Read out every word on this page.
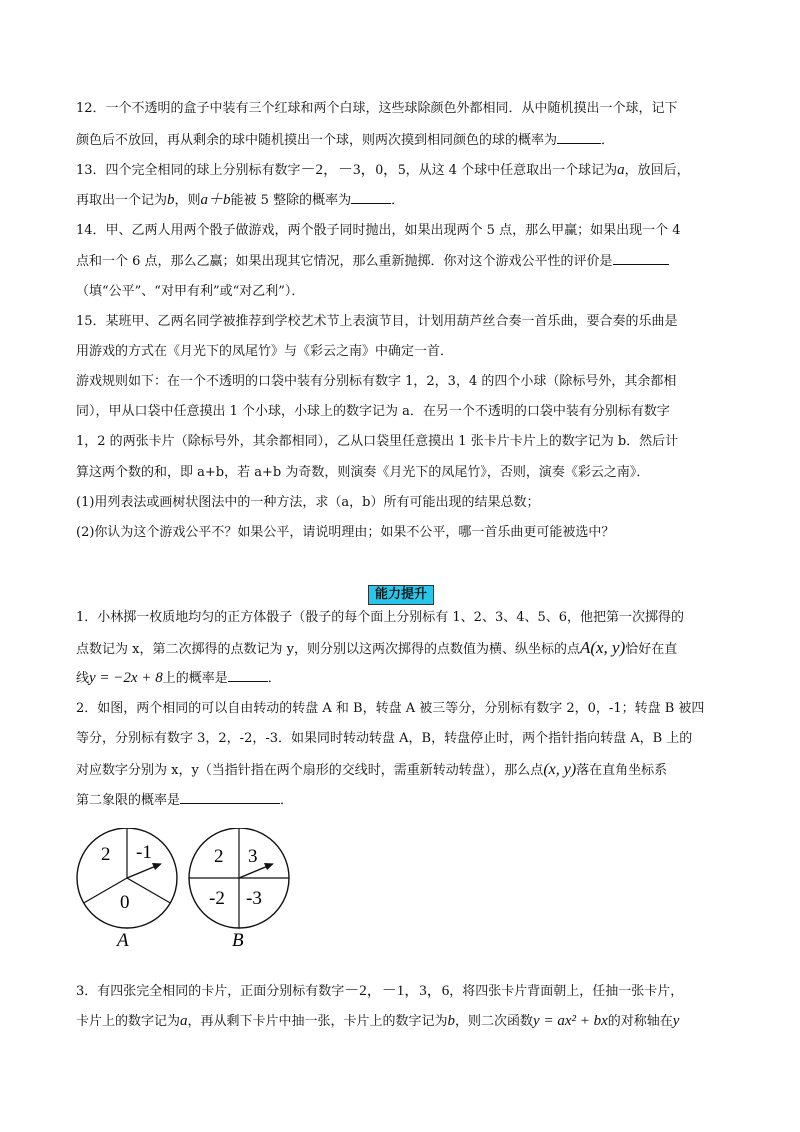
12．一个不透明的盒子中装有三个红球和两个白球，这些球除颜色外都相同．从中随机摸出一个球，记下
颜色后不放回，再从剩余的球中随机摸出一个球，则两次摸到相同颜色的球的概率为	．
13．四个完全相同的球上分别标有数字－2，－3，0，5，从这 4 个球中任意取出一个球记为a，放回后，
再取出一个记为b，则a＋b能被 5 整除的概率为	．
14．甲、乙两人用两个骰子做游戏，两个骰子同时抛出，如果出现两个 5 点，那么甲赢；如果出现一个 4
点和一个 6 点，那么乙赢；如果出现其它情况，那么重新抛掷．你对这个游戏公平性的评价是
（填“公平”、“对甲有利”或“对乙利”）．
15．某班甲、乙两名同学被推荐到学校艺术节上表演节目，计划用葫芦丝合奏一首乐曲，要合奏的乐曲是
用游戏的方式在《月光下的凤尾竹》与《彩云之南》中确定一首．
游戏规则如下：在一个不透明的口袋中装有分别标有数字 1，2，3，4 的四个小球（除标号外，其余都相
同），甲从口袋中任意摸出 1 个小球，小球上的数字记为 a．在另一个不透明的口袋中装有分别标有数字
1，2 的两张卡片（除标号外，其余都相同），乙从口袋里任意摸出 1 张卡片卡片上的数字记为 b．然后计
算这两个数的和，即 a+b，若 a+b 为奇数，则演奏《月光下的凤尾竹》，否则，演奏《彩云之南》．
(1)用列表法或画树状图法中的一种方法，求（a，b）所有可能出现的结果总数；
(2)你认为这个游戏公平不？如果公平，请说明理由；如果不公平，哪一首乐曲更可能被选中？
能力提升
1．小林掷一枚质地均匀的正方体骰子（骰子的每个面上分别标有 1、2、3、4、5、6，他把第一次掷得的
点数记为 x，第二次掷得的点数记为 y，则分别以这两次掷得的点数值为横、纵坐标的点A(x, y)恰好在直
线y = −2x + 8上的概率是	．
2．如图，两个相同的可以自由转动的转盘 A 和 B，转盘 A 被三等分，分别标有数字 2，0，-1；转盘 B 被四
等分，分别标有数字 3，2，-2，-3．如果同时转动转盘 A，B，转盘停止时，两个指针指向转盘 A，B 上的
对应数字分别为 x，y（当指针指在两个扇形的交线时，需重新转动转盘），那么点(x, y)落在直角坐标系
第二象限的概率是	．
2 -1
0
A
2 3
-2 -3
B
3．有四张完全相同的卡片，正面分别标有数字－2，－1，3，6，将四张卡片背面朝上，任抽一张卡片，
卡片上的数字记为a，再从剩下卡片中抽一张，卡片上的数字记为b，则二次函数y = ax² + bx的对称轴在y
